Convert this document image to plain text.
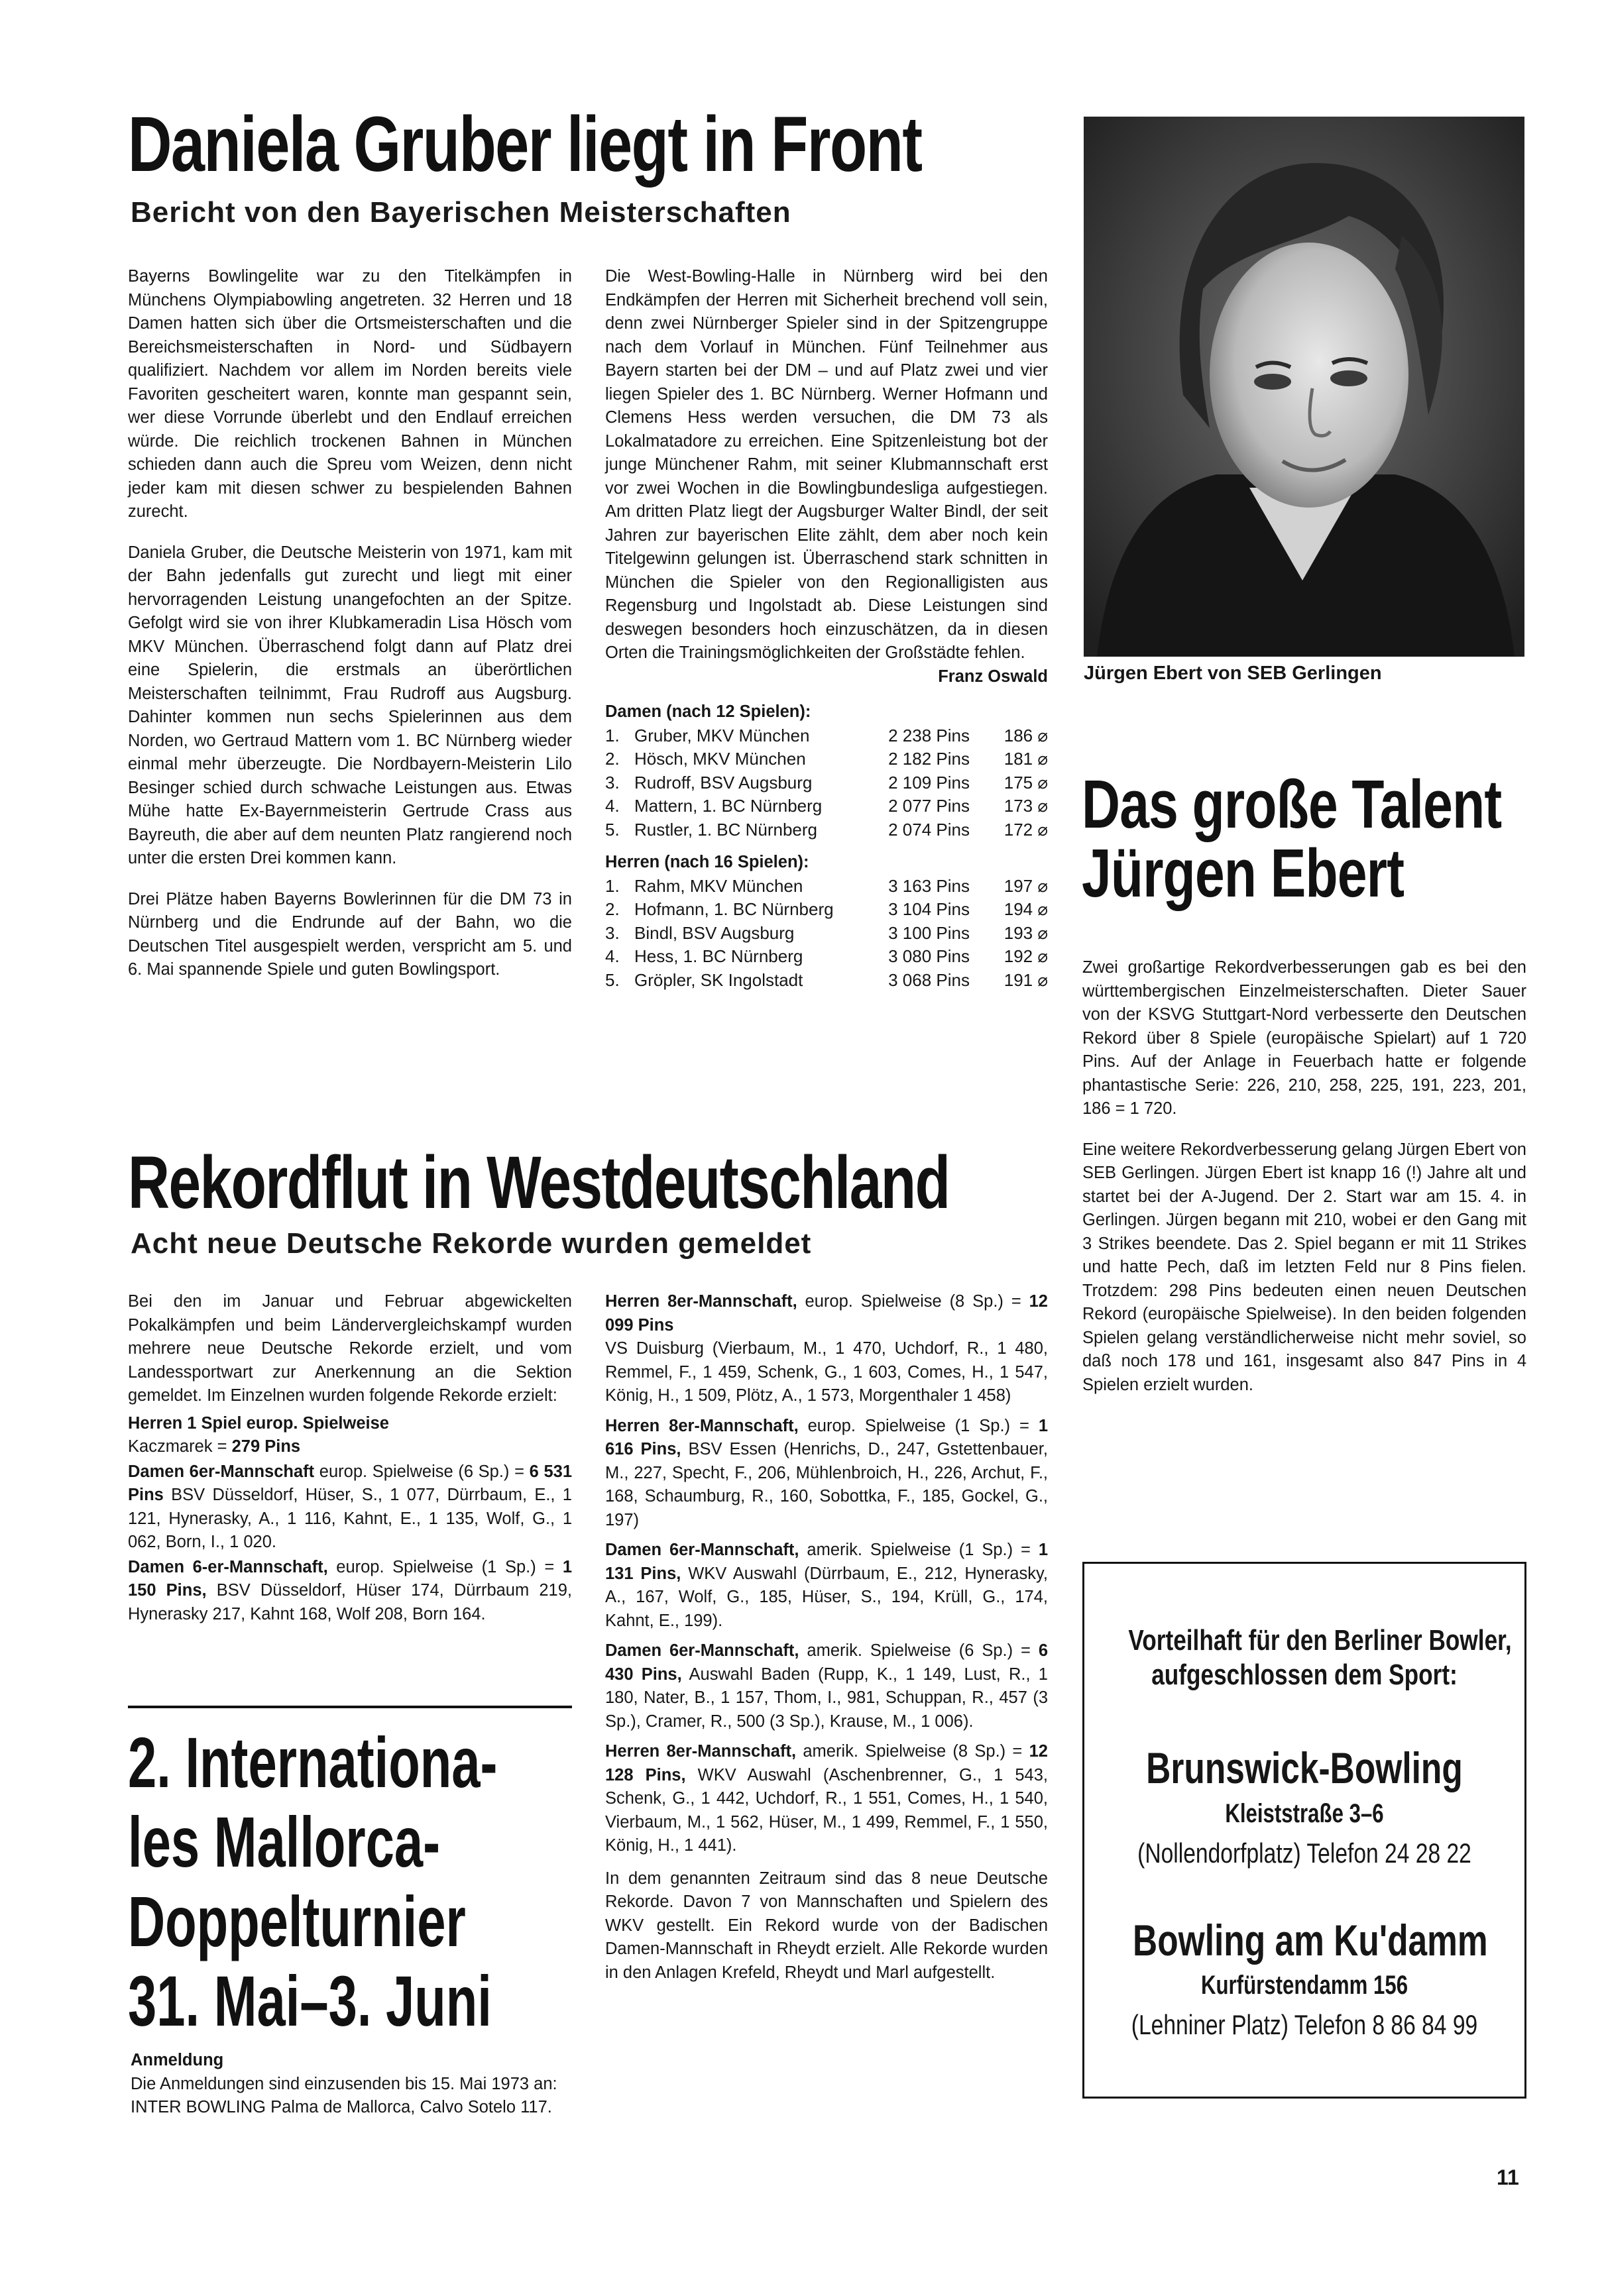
Daniela Gruber liegt in Front
Bericht von den Bayerischen Meisterschaften

Bayerns Bowlingelite war zu den Titelkämpfen in Münchens Olympiabowling angetreten. 32 Herren und 18 Damen hatten sich über die Ortsmeisterschaften und die Bereichsmeisterschaften in Nord- und Südbayern qualifiziert. Nachdem vor allem im Norden bereits viele Favoriten gescheitert waren, konnte man gespannt sein, wer diese Vorrunde überlebt und den Endlauf erreichen würde. Die reichlich trockenen Bahnen in München schieden dann auch die Spreu vom Weizen, denn nicht jeder kam mit diesen schwer zu bespielenden Bahnen zurecht.

Daniela Gruber, die Deutsche Meisterin von 1971, kam mit der Bahn jedenfalls gut zurecht und liegt mit einer hervorragenden Leistung unangefochten an der Spitze. Gefolgt wird sie von ihrer Klubkameradin Lisa Hösch vom MKV München. Überraschend folgt dann auf Platz drei eine Spielerin, die erstmals an überörtlichen Meisterschaften teilnimmt, Frau Rudroff aus Augsburg. Dahinter kommen nun sechs Spielerinnen aus dem Norden, wo Gertraud Mattern vom 1. BC Nürnberg wieder einmal mehr überzeugte. Die Nordbayern-Meisterin Lilo Besinger schied durch schwache Leistungen aus. Etwas Mühe hatte Ex-Bayernmeisterin Gertrude Crass aus Bayreuth, die aber auf dem neunten Platz rangierend noch unter die ersten Drei kommen kann.

Drei Plätze haben Bayerns Bowlerinnen für die DM 73 in Nürnberg und die Endrunde auf der Bahn, wo die Deutschen Titel ausgespielt werden, verspricht am 5. und 6. Mai spannende Spiele und guten Bowlingsport.

Die West-Bowling-Halle in Nürnberg wird bei den Endkämpfen der Herren mit Sicherheit brechend voll sein, denn zwei Nürnberger Spieler sind in der Spitzengruppe nach dem Vorlauf in München. Fünf Teilnehmer aus Bayern starten bei der DM – und auf Platz zwei und vier liegen Spieler des 1. BC Nürnberg. Werner Hofmann und Clemens Hess werden versuchen, die DM 73 als Lokalmatadore zu erreichen. Eine Spitzenleistung bot der junge Münchener Rahm, mit seiner Klubmannschaft erst vor zwei Wochen in die Bowlingbundesliga aufgestiegen. Am dritten Platz liegt der Augsburger Walter Bindl, der seit Jahren zur bayerischen Elite zählt, dem aber noch kein Titelgewinn gelungen ist. Überraschend stark schnitten in München die Spieler von den Regionalligisten aus Regensburg und Ingolstadt ab. Diese Leistungen sind deswegen besonders hoch einzuschätzen, da in diesen Orten die Trainingsmöglichkeiten der Großstädte fehlen.

Franz Oswald
Damen (nach 12 Spielen):
1.	Gruber, MKV München	2 238 Pins	186 ⌀
2.	Hösch, MKV München	2 182 Pins	181 ⌀
3.	Rudroff, BSV Augsburg	2 109 Pins	175 ⌀
4.	Mattern, 1. BC Nürnberg	2 077 Pins	173 ⌀
5.	Rustler, 1. BC Nürnberg	2 074 Pins	172 ⌀
Herren (nach 16 Spielen):
1.	Rahm, MKV München	3 163 Pins	197 ⌀
2.	Hofmann, 1. BC Nürnberg	3 104 Pins	194 ⌀
3.	Bindl, BSV Augsburg	3 100 Pins	193 ⌀
4.	Hess, 1. BC Nürnberg	3 080 Pins	192 ⌀
5.	Gröpler, SK Ingolstadt	3 068 Pins	191 ⌀
Jürgen Ebert von SEB Gerlingen
Das große Talent
Jürgen Ebert

Zwei großartige Rekordverbesserungen gab es bei den württembergischen Einzelmeisterschaften. Dieter Sauer von der KSVG Stuttgart-Nord verbesserte den Deutschen Rekord über 8 Spiele (europäische Spielart) auf 1 720 Pins. Auf der Anlage in Feuerbach hatte er folgende phantastische Serie: 226, 210, 258, 225, 191, 223, 201, 186 = 1 720.

Eine weitere Rekordverbesserung gelang Jürgen Ebert von SEB Gerlingen. Jürgen Ebert ist knapp 16 (!) Jahre alt und startet bei der A-Jugend. Der 2. Start war am 15. 4. in Gerlingen. Jürgen begann mit 210, wobei er den Gang mit 3 Strikes beendete. Das 2. Spiel begann er mit 11 Strikes und hatte Pech, daß im letzten Feld nur 8 Pins fielen. Trotzdem: 298 Pins bedeuten einen neuen Deutschen Rekord (europäische Spielweise). In den beiden folgenden Spielen gelang verständlicherweise nicht mehr soviel, so daß noch 178 und 161, insgesamt also 847 Pins in 4 Spielen erzielt wurden.

Rekordflut in Westdeutschland
Acht neue Deutsche Rekorde wurden gemeldet

Bei den im Januar und Februar abgewickelten Pokalkämpfen und beim Ländervergleichskampf wurden mehrere neue Deutsche Rekorde erzielt, und vom Landessportwart zur Anerkennung an die Sektion gemeldet. Im Einzelnen wurden folgende Rekorde erzielt:

Herren 1 Spiel europ. Spielweise
Kaczmarek = 279 Pins

Damen 6er-Mannschaft europ. Spielweise (6 Sp.) = 6 531 Pins BSV Düsseldorf, Hüser, S., 1 077, Dürrbaum, E., 1 121, Hynerasky, A., 1 116, Kahnt, E., 1 135, Wolf, G., 1 062, Born, I., 1 020.

Damen 6-er-Mannschaft, europ. Spielweise (1 Sp.) = 1 150 Pins, BSV Düsseldorf, Hüser 174, Dürrbaum 219, Hynerasky 217, Kahnt 168, Wolf 208, Born 164.

Herren 8er-Mannschaft, europ. Spielweise (8 Sp.) = 12 099 Pins
VS Duisburg (Vierbaum, M., 1 470, Uchdorf, R., 1 480, Remmel, F., 1 459, Schenk, G., 1 603, Comes, H., 1 547, König, H., 1 509, Plötz, A., 1 573, Morgenthaler 1 458)

Herren 8er-Mannschaft, europ. Spielweise (1 Sp.) = 1 616 Pins, BSV Essen (Henrichs, D., 247, Gstettenbauer, M., 227, Specht, F., 206, Mühlenbroich, H., 226, Archut, F., 168, Schaumburg, R., 160, Sobottka, F., 185, Gockel, G., 197)

Damen 6er-Mannschaft, amerik. Spielweise (1 Sp.) = 1 131 Pins, WKV Auswahl (Dürrbaum, E., 212, Hynerasky, A., 167, Wolf, G., 185, Hüser, S., 194, Krüll, G., 174, Kahnt, E., 199).

Damen 6er-Mannschaft, amerik. Spielweise (6 Sp.) = 6 430 Pins, Auswahl Baden (Rupp, K., 1 149, Lust, R., 1 180, Nater, B., 1 157, Thom, I., 981, Schuppan, R., 457 (3 Sp.), Cramer, R., 500 (3 Sp.), Krause, M., 1 006).

Herren 8er-Mannschaft, amerik. Spielweise (8 Sp.) = 12 128 Pins, WKV Auswahl (Aschenbrenner, G., 1 543, Schenk, G., 1 442, Uchdorf, R., 1 551, Comes, H., 1 540, Vierbaum, M., 1 562, Hüser, M., 1 499, Remmel, F., 1 550, König, H., 1 441).

In dem genannten Zeitraum sind das 8 neue Deutsche Rekorde. Davon 7 von Mannschaften und Spielern des WKV gestellt. Ein Rekord wurde von der Badischen Damen-Mannschaft in Rheydt erzielt. Alle Rekorde wurden in den Anlagen Krefeld, Rheydt und Marl aufgestellt.

2. Internationa-
les Mallorca-
Doppelturnier
31. Mai–3. Juni
Anmeldung
Die Anmeldungen sind einzusenden bis 15. Mai 1973 an: INTER BOWLING Palma de Mallorca, Calvo Sotelo 117.
Vorteilhaft für den Berliner Bowler,
aufgeschlossen dem Sport:
Brunswick-Bowling
Kleiststraße 3–6
(Nollendorfplatz) Telefon 24 28 22
Bowling am Ku'damm
Kurfürstendamm 156
(Lehniner Platz) Telefon 8 86 84 99
11
